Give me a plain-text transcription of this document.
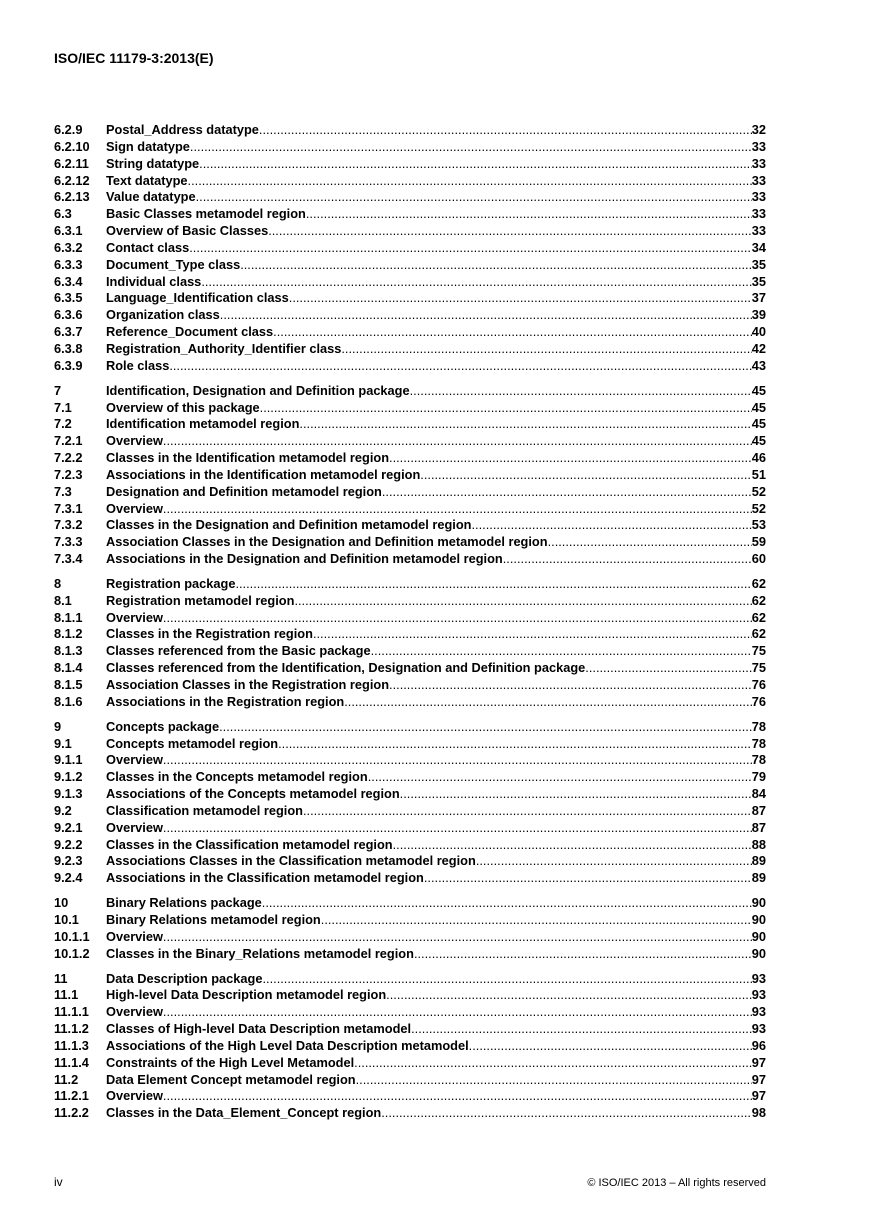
ISO/IEC 11179-3:2013(E)
6.2.9	Postal_Address datatype .....	32
6.2.10	Sign datatype .....	33
6.2.11	String datatype .....	33
6.2.12	Text datatype .....	33
6.2.13	Value datatype .....	33
6.3	Basic Classes metamodel region .....	33
6.3.1	Overview of Basic Classes .....	33
6.3.2	Contact class .....	34
6.3.3	Document_Type class .....	35
6.3.4	Individual class .....	35
6.3.5	Language_Identification class .....	37
6.3.6	Organization class .....	39
6.3.7	Reference_Document class .....	40
6.3.8	Registration_Authority_Identifier class .....	42
6.3.9	Role class .....	43
7	Identification, Designation and Definition package .....	45
7.1	Overview of this package .....	45
7.2	Identification metamodel region .....	45
7.2.1	Overview .....	45
7.2.2	Classes in the Identification metamodel region .....	46
7.2.3	Associations in the Identification metamodel region .....	51
7.3	Designation and Definition metamodel region .....	52
7.3.1	Overview .....	52
7.3.2	Classes in the Designation and Definition metamodel region .....	53
7.3.3	Association Classes in the Designation and Definition metamodel region .....	59
7.3.4	Associations in the Designation and Definition metamodel region .....	60
8	Registration package .....	62
8.1	Registration metamodel region .....	62
8.1.1	Overview .....	62
8.1.2	Classes in the Registration region .....	62
8.1.3	Classes referenced from the Basic package .....	75
8.1.4	Classes referenced from the Identification, Designation and Definition package .....	75
8.1.5	Association Classes in the Registration region .....	76
8.1.6	Associations in the Registration region .....	76
9	Concepts package .....	78
9.1	Concepts metamodel region .....	78
9.1.1	Overview .....	78
9.1.2	Classes in the Concepts metamodel region .....	79
9.1.3	Associations of the Concepts metamodel region .....	84
9.2	Classification metamodel region .....	87
9.2.1	Overview .....	87
9.2.2	Classes in the Classification metamodel region .....	88
9.2.3	Associations Classes in the Classification metamodel region .....	89
9.2.4	Associations in the Classification metamodel region .....	89
10	Binary Relations package .....	90
10.1	Binary Relations metamodel region .....	90
10.1.1	Overview .....	90
10.1.2	Classes in the Binary_Relations metamodel region .....	90
11	Data Description package .....	93
11.1	High-level Data Description metamodel region .....	93
11.1.1	Overview .....	93
11.1.2	Classes of High-level Data Description metamodel .....	93
11.1.3	Associations of the High Level Data Description metamodel .....	96
11.1.4	Constraints of the High Level Metamodel .....	97
11.2	Data Element Concept metamodel region .....	97
11.2.1	Overview .....	97
11.2.2	Classes in the Data_Element_Concept region .....	98
iv	© ISO/IEC 2013 – All rights reserved
